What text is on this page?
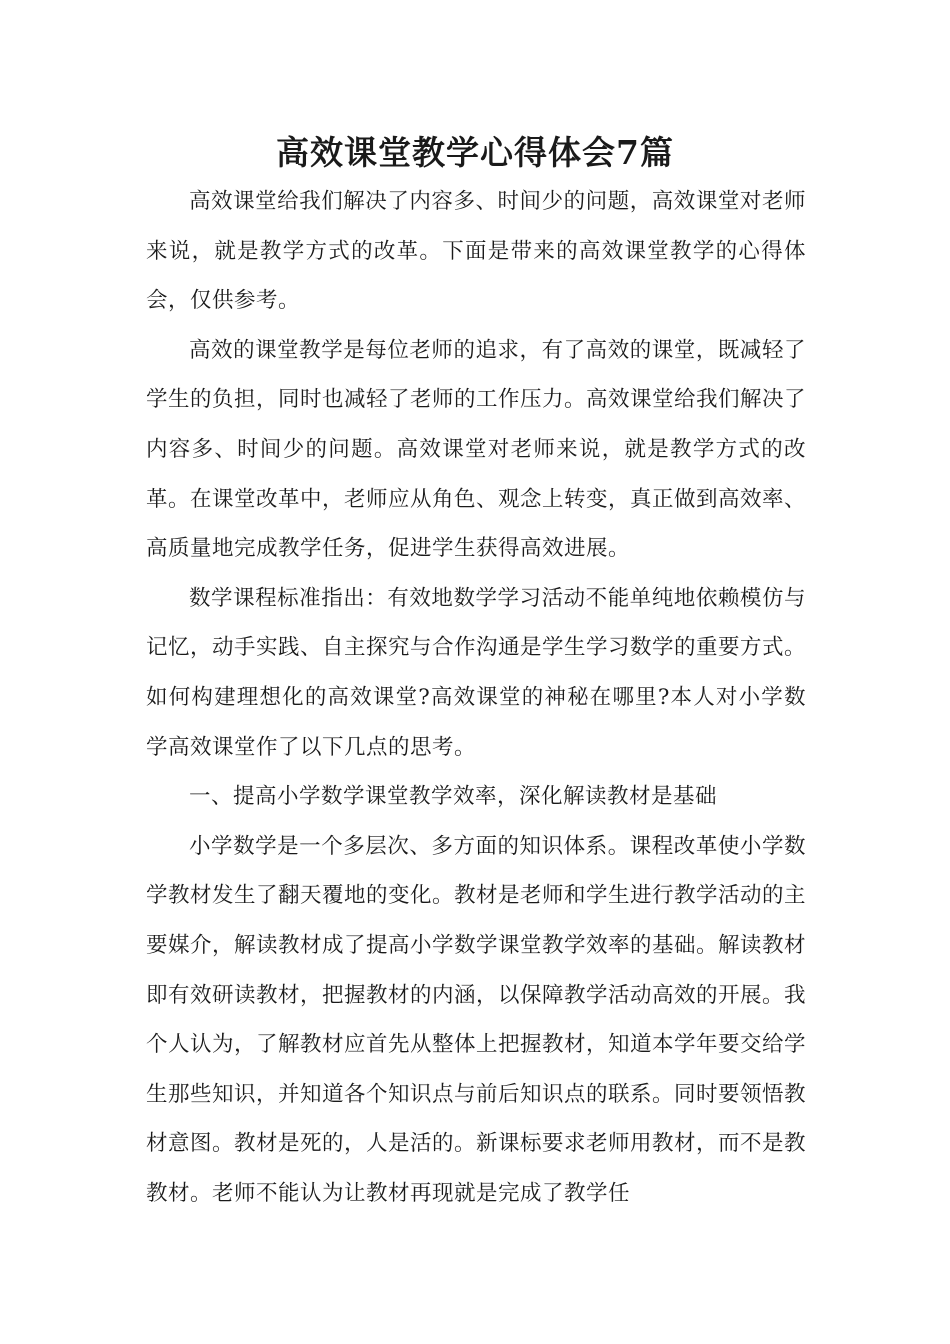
高效课堂教学心得体会7篇

高效课堂给我们解决了内容多、时间少的问题，高效课堂对老师来说，就是教学方式的改革。下面是带来的高效课堂教学的心得体会，仅供参考。

高效的课堂教学是每位老师的追求，有了高效的课堂，既减轻了学生的负担，同时也减轻了老师的工作压力。高效课堂给我们解决了内容多、时间少的问题。高效课堂对老师来说，就是教学方式的改革。在课堂改革中，老师应从角色、观念上转变，真正做到高效率、高质量地完成教学任务，促进学生获得高效进展。

数学课程标准指出：有效地数学学习活动不能单纯地依赖模仿与记忆，动手实践、自主探究与合作沟通是学生学习数学的重要方式。如何构建理想化的高效课堂?高效课堂的神秘在哪里?本人对小学数学高效课堂作了以下几点的思考。

一、提高小学数学课堂教学效率，深化解读教材是基础

小学数学是一个多层次、多方面的知识体系。课程改革使小学数学教材发生了翻天覆地的变化。教材是老师和学生进行教学活动的主要媒介，解读教材成了提高小学数学课堂教学效率的基础。解读教材即有效研读教材，把握教材的内涵，以保障教学活动高效的开展。我个人认为，了解教材应首先从整体上把握教材，知道本学年要交给学生那些知识，并知道各个知识点与前后知识点的联系。同时要领悟教材意图。教材是死的，人是活的。新课标要求老师用教材，而不是教教材。老师不能认为让教材再现就是完成了教学任
